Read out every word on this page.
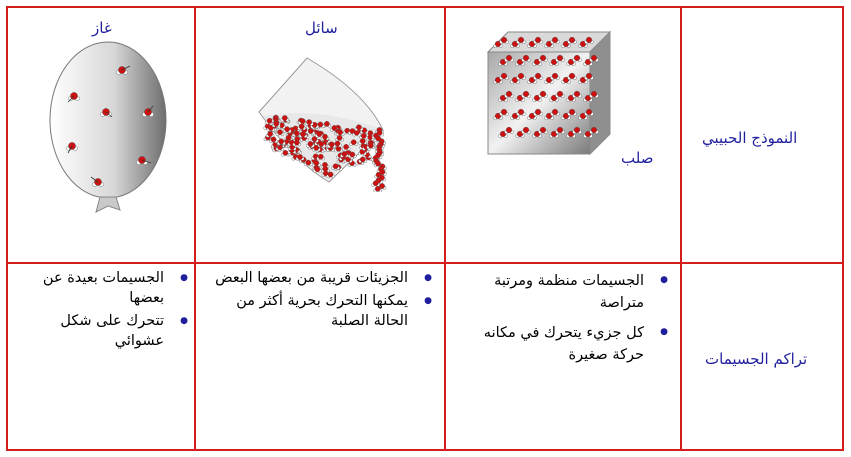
غاز	سائل
صلب
النموذج الحبيبي
تراكم الجسيمات
● الجسيمات بعيدة عن بعضها
● تتحرك على شكل عشوائي
● الجزيئات قريبة من بعضها البعض
● يمكنها التحرك بحرية أكثر من الحالة الصلبة
● الجسيمات منظمة ومرتبة متراصة
● كل جزيء يتحرك في مكانه حركة صغيرة
